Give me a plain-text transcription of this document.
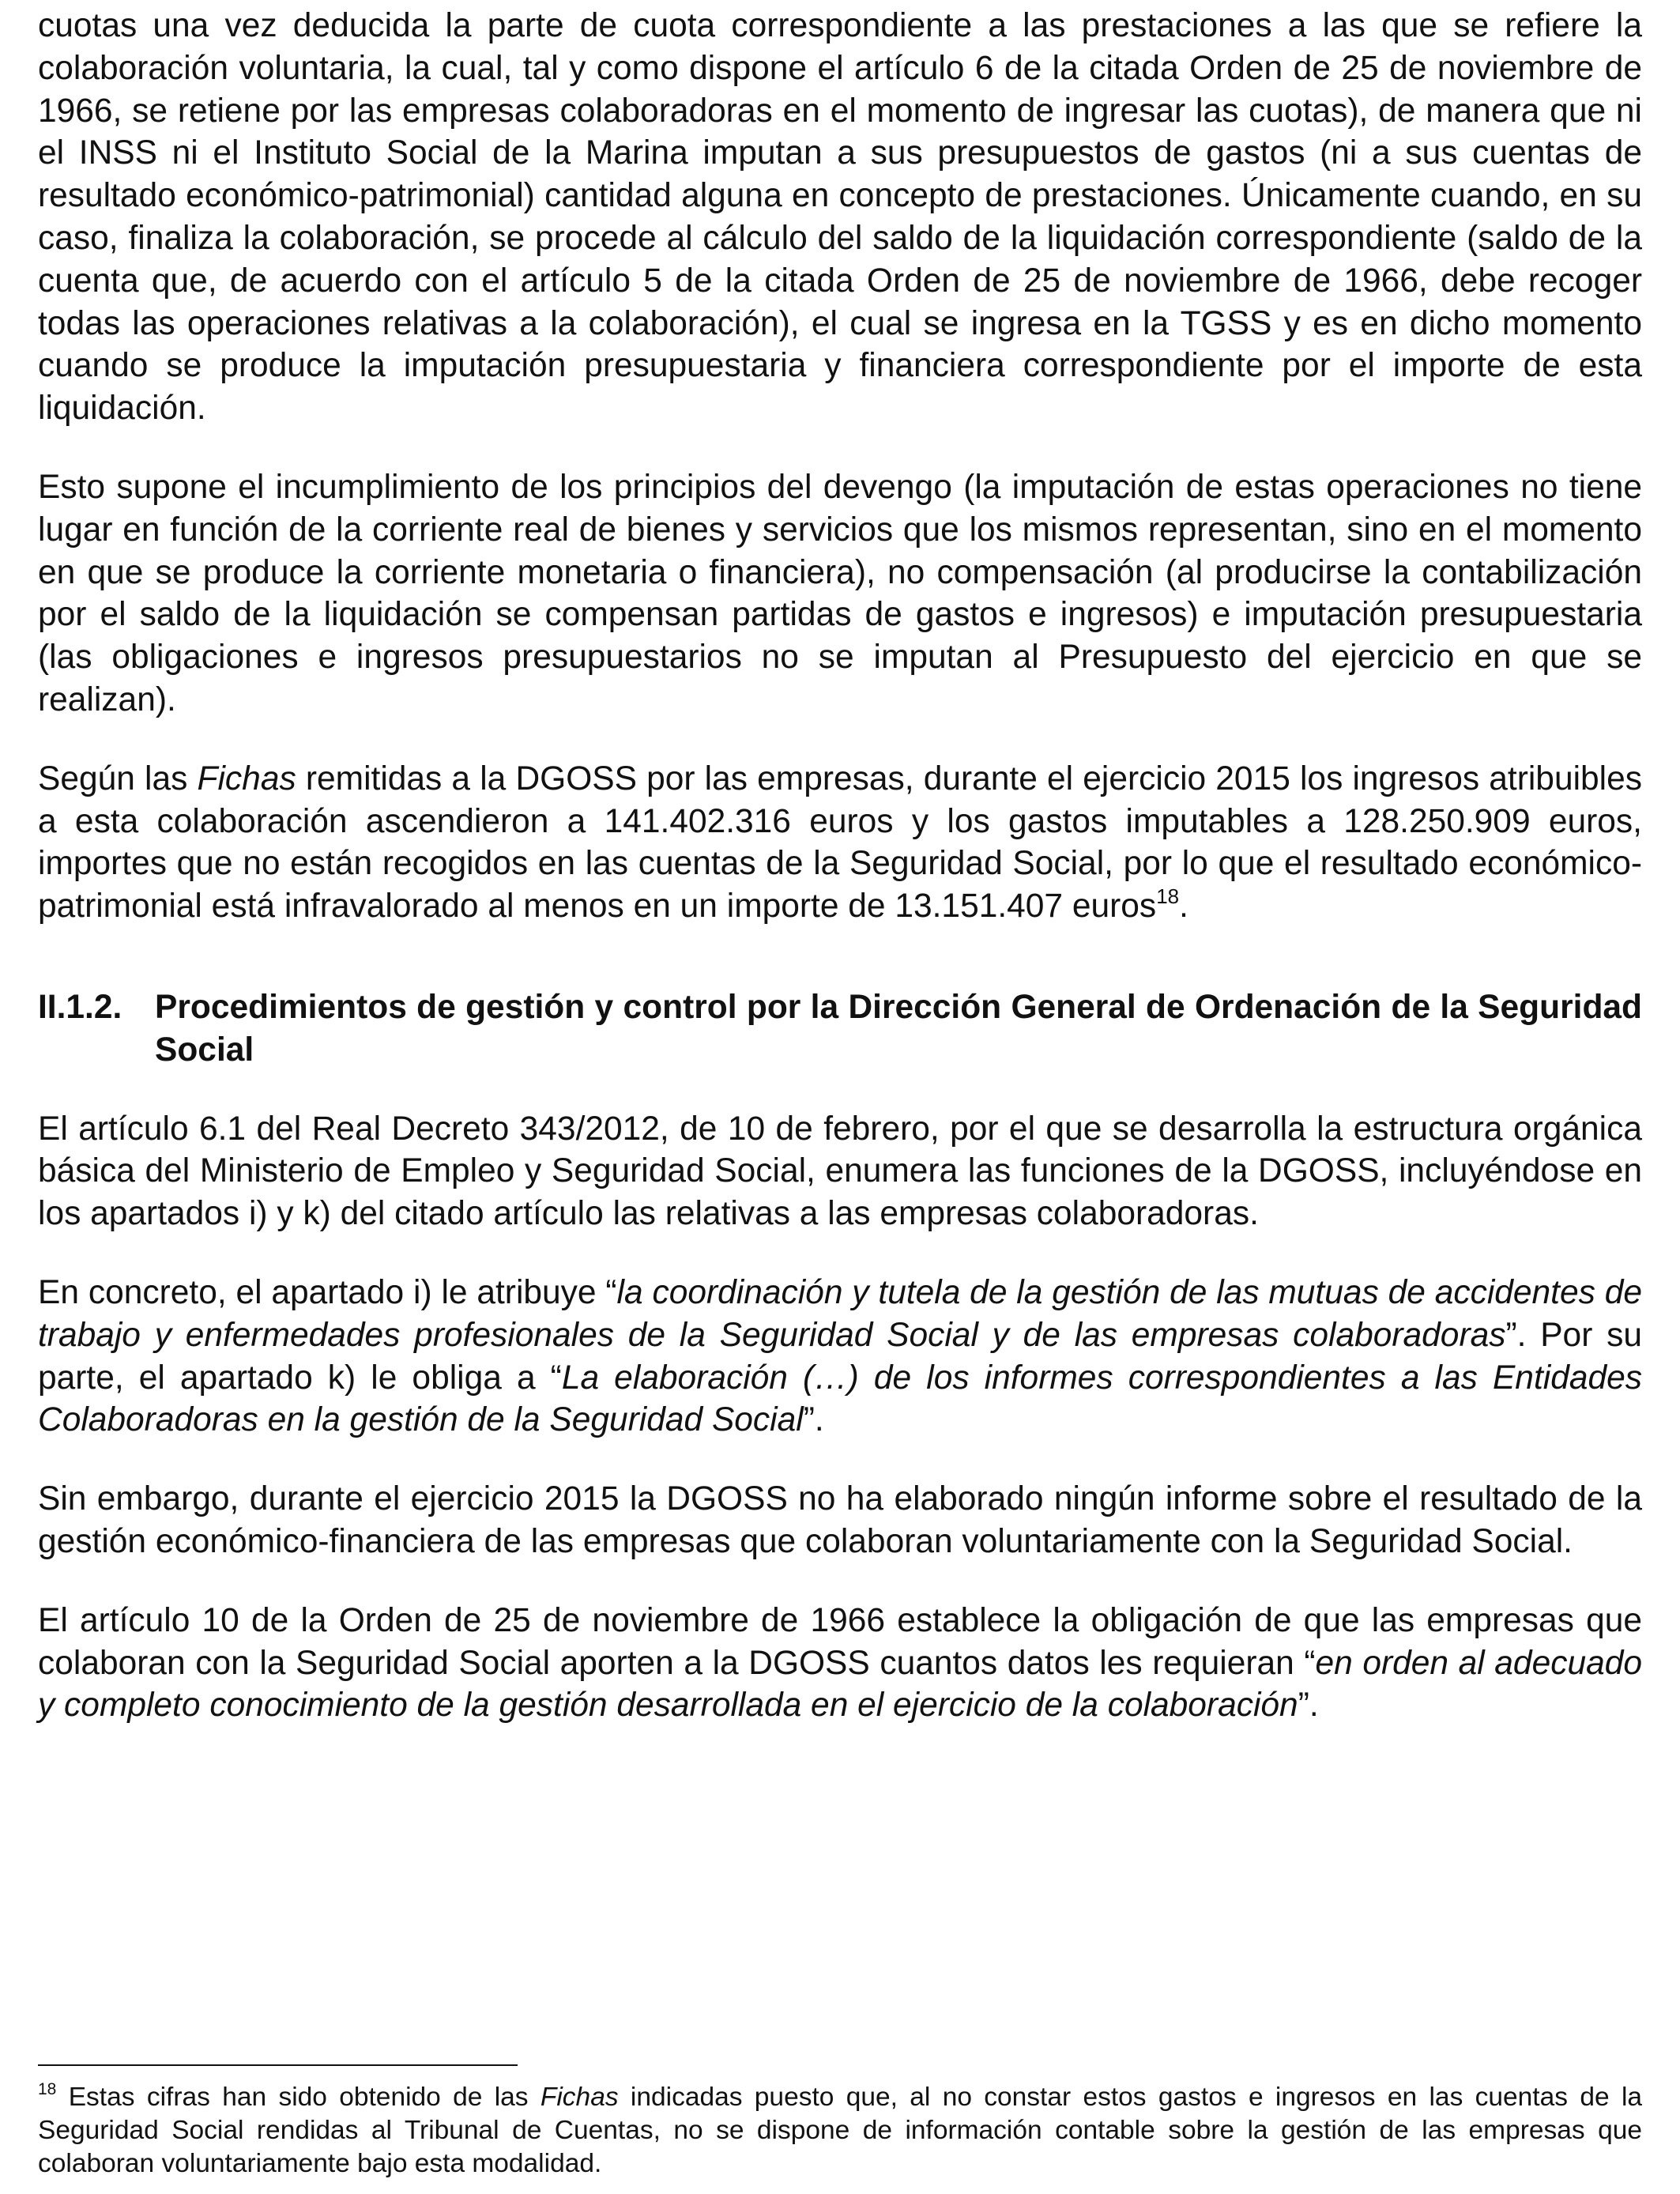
cuotas una vez deducida la parte de cuota correspondiente a las prestaciones a las que se refiere la colaboración voluntaria, la cual, tal y como dispone el artículo 6 de la citada Orden de 25 de noviembre de 1966, se retiene por las empresas colaboradoras en el momento de ingresar las cuotas), de manera que ni el INSS ni el Instituto Social de la Marina imputan a sus presupuestos de gastos (ni a sus cuentas de resultado económico-patrimonial) cantidad alguna en concepto de prestaciones. Únicamente cuando, en su caso, finaliza la colaboración, se procede al cálculo del saldo de la liquidación correspondiente (saldo de la cuenta que, de acuerdo con el artículo 5 de la citada Orden de 25 de noviembre de 1966, debe recoger todas las operaciones relativas a la colaboración), el cual se ingresa en la TGSS y es en dicho momento cuando se produce la imputación presupuestaria y financiera correspondiente por el importe de esta liquidación.

Esto supone el incumplimiento de los principios del devengo (la imputación de estas operaciones no tiene lugar en función de la corriente real de bienes y servicios que los mismos representan, sino en el momento en que se produce la corriente monetaria o financiera), no compensación (al producirse la contabilización por el saldo de la liquidación se compensan partidas de gastos e ingresos) e imputación presupuestaria (las obligaciones e ingresos presupuestarios no se imputan al Presupuesto del ejercicio en que se realizan).

Según las Fichas remitidas a la DGOSS por las empresas, durante el ejercicio 2015 los ingresos atribuibles a esta colaboración ascendieron a 141.402.316 euros y los gastos imputables a 128.250.909 euros, importes que no están recogidos en las cuentas de la Seguridad Social, por lo que el resultado económico-patrimonial está infravalorado al menos en un importe de 13.151.407 euros$^{18}$.

II.1.2. Procedimientos de gestión y control por la Dirección General de Ordenación de la Seguridad Social

El artículo 6.1 del Real Decreto 343/2012, de 10 de febrero, por el que se desarrolla la estructura orgánica básica del Ministerio de Empleo y Seguridad Social, enumera las funciones de la DGOSS, incluyéndose en los apartados i) y k) del citado artículo las relativas a las empresas colaboradoras.

En concreto, el apartado i) le atribuye “la coordinación y tutela de la gestión de las mutuas de accidentes de trabajo y enfermedades profesionales de la Seguridad Social y de las empresas colaboradoras”. Por su parte, el apartado k) le obliga a “La elaboración (…) de los informes correspondientes a las Entidades Colaboradoras en la gestión de la Seguridad Social”.

Sin embargo, durante el ejercicio 2015 la DGOSS no ha elaborado ningún informe sobre el resultado de la gestión económico-financiera de las empresas que colaboran voluntariamente con la Seguridad Social.

El artículo 10 de la Orden de 25 de noviembre de 1966 establece la obligación de que las empresas que colaboran con la Seguridad Social aporten a la DGOSS cuantos datos les requieran “en orden al adecuado y completo conocimiento de la gestión desarrollada en el ejercicio de la colaboración”.

$^{18}$ Estas cifras han sido obtenido de las Fichas indicadas puesto que, al no constar estos gastos e ingresos en las cuentas de la Seguridad Social rendidas al Tribunal de Cuentas, no se dispone de información contable sobre la gestión de las empresas que colaboran voluntariamente bajo esta modalidad.
